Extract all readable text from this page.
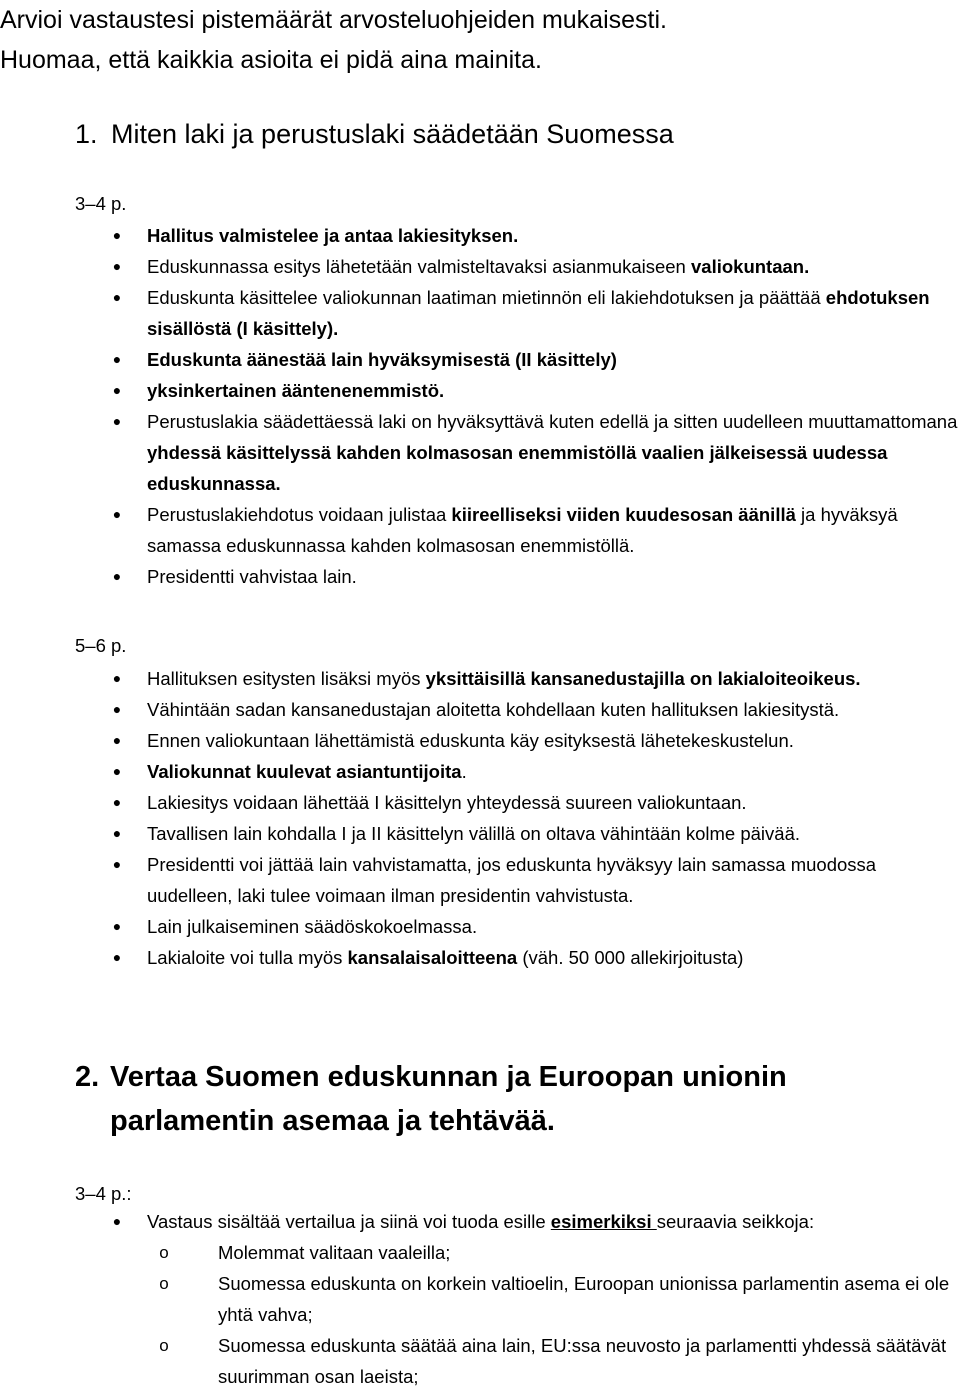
Arvioi vastaustesi pistemäärät arvosteluohjeiden mukaisesti.
Huomaa, että kaikkia asioita ei pidä aina mainita.
1. Miten laki ja perustuslaki säädetään Suomessa
3–4 p.
● Hallitus valmistelee ja antaa lakiesityksen.
● Eduskunnassa esitys lähetetään valmisteltavaksi asianmukaiseen valiokuntaan.
● Eduskunta käsittelee valiokunnan laatiman mietinnön eli lakiehdotuksen ja päättää ehdotuksen sisällöstä (I käsittely).
● Eduskunta äänestää lain hyväksymisestä (II käsittely)
● yksinkertainen ääntenenemmistö.
● Perustuslakia säädettäessä laki on hyväksyttävä kuten edellä ja sitten uudelleen muuttamattomana yhdessä käsittelyssä kahden kolmasosan enemmistöllä vaalien jälkeisessä uudessa eduskunnassa.
● Perustuslakiehdotus voidaan julistaa kiireelliseksi viiden kuudesosan äänillä ja hyväksyä samassa eduskunnassa kahden kolmasosan enemmistöllä.
● Presidentti vahvistaa lain.
5–6 p.
● Hallituksen esitysten lisäksi myös yksittäisillä kansanedustajilla on lakialoiteoikeus.
● Vähintään sadan kansanedustajan aloitetta kohdellaan kuten hallituksen lakiesitystä.
● Ennen valiokuntaan lähettämistä eduskunta käy esityksestä lähetekeskustelun.
● Valiokunnat kuulevat asiantuntijoita.
● Lakiesitys voidaan lähettää I käsittelyn yhteydessä suureen valiokuntaan.
● Tavallisen lain kohdalla I ja II käsittelyn välillä on oltava vähintään kolme päivää.
● Presidentti voi jättää lain vahvistamatta, jos eduskunta hyväksyy lain samassa muodossa uudelleen, laki tulee voimaan ilman presidentin vahvistusta.
● Lain julkaiseminen säädöskokoelmassa.
● Lakialoite voi tulla myös kansalaisaloitteena (väh. 50 000 allekirjoitusta)
2. Vertaa Suomen eduskunnan ja Euroopan unionin parlamentin asemaa ja tehtävää.
3–4 p.:
● Vastaus sisältää vertailua ja siinä voi tuoda esille esimerkiksi seuraavia seikkoja:
o	Molemmat valitaan vaaleilla;
o	Suomessa eduskunta on korkein valtioelin, Euroopan unionissa parlamentin asema ei ole yhtä vahva;
o	Suomessa eduskunta säätää aina lain, EU:ssa neuvosto ja parlamentti yhdessä säätävät suurimman osan laeista;
